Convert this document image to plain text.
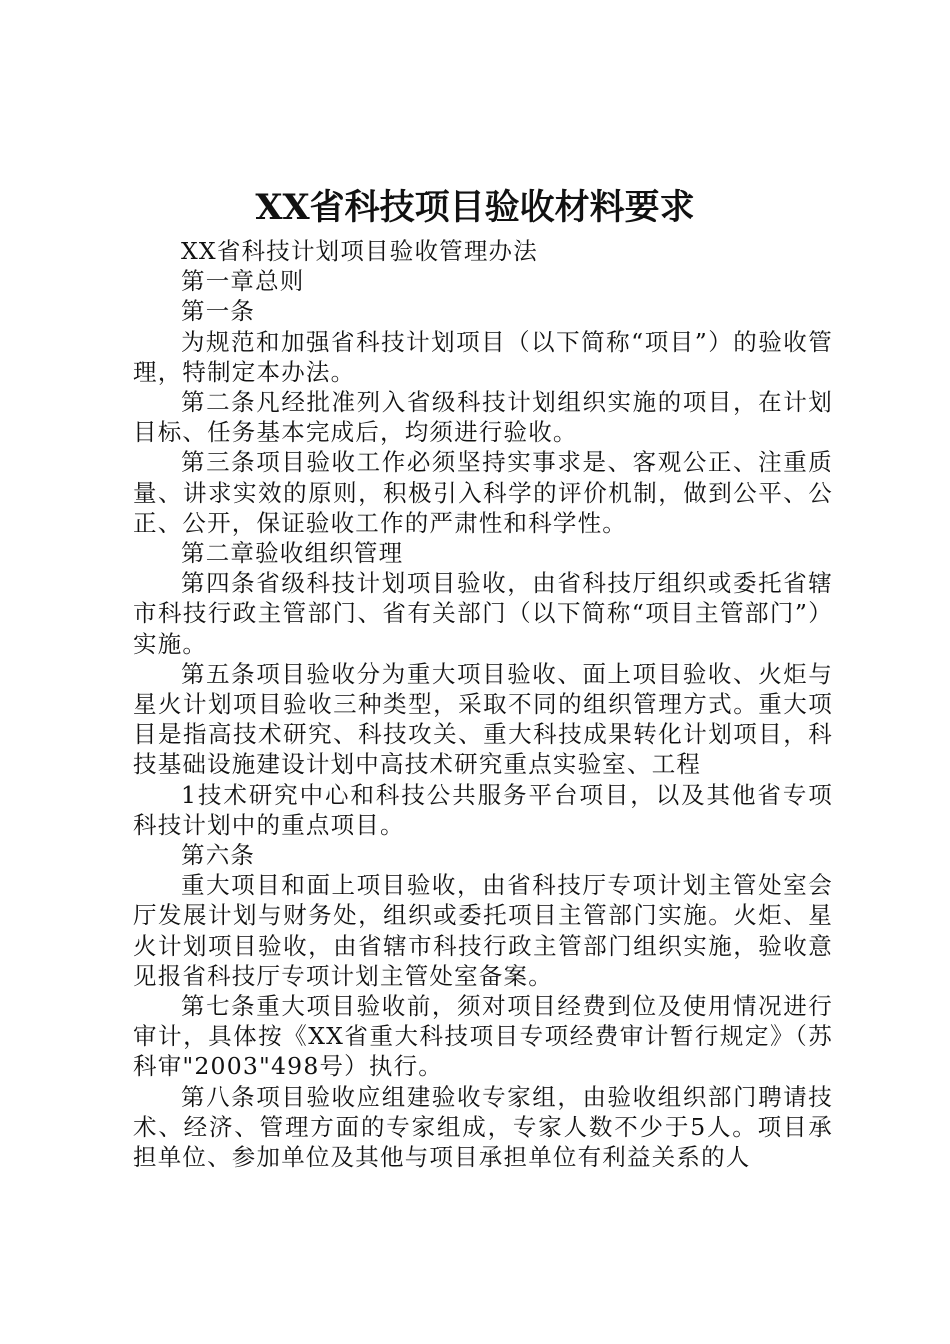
XX省科技项目验收材料要求

XX省科技计划项目验收管理办法

第一章总则

第一条

为规范和加强省科技计划项目（以下简称“项目”）的验收管理，特制定本办法。

第二条凡经批准列入省级科技计划组织实施的项目，在计划目标、任务基本完成后，均须进行验收。

第三条项目验收工作必须坚持实事求是、客观公正、注重质量、讲求实效的原则，积极引入科学的评价机制，做到公平、公正、公开，保证验收工作的严肃性和科学性。

第二章验收组织管理

第四条省级科技计划项目验收，由省科技厅组织或委托省辖市科技行政主管部门、省有关部门（以下简称“项目主管部门”）实施。

第五条项目验收分为重大项目验收、面上项目验收、火炬与星火计划项目验收三种类型，采取不同的组织管理方式。重大项目是指高技术研究、科技攻关、重大科技成果转化计划项目，科技基础设施建设计划中高技术研究重点实验室、工程

1技术研究中心和科技公共服务平台项目，以及其他省专项科技计划中的重点项目。

第六条

重大项目和面上项目验收，由省科技厅专项计划主管处室会厅发展计划与财务处，组织或委托项目主管部门实施。火炬、星火计划项目验收，由省辖市科技行政主管部门组织实施，验收意见报省科技厅专项计划主管处室备案。

第七条重大项目验收前，须对项目经费到位及使用情况进行审计，具体按《XX省重大科技项目专项经费审计暂行规定》（苏科审"2003"498号）执行。

第八条项目验收应组建验收专家组，由验收组织部门聘请技术、经济、管理方面的专家组成，专家人数不少于5人。项目承担单位、参加单位及其他与项目承担单位有利益关系的人
